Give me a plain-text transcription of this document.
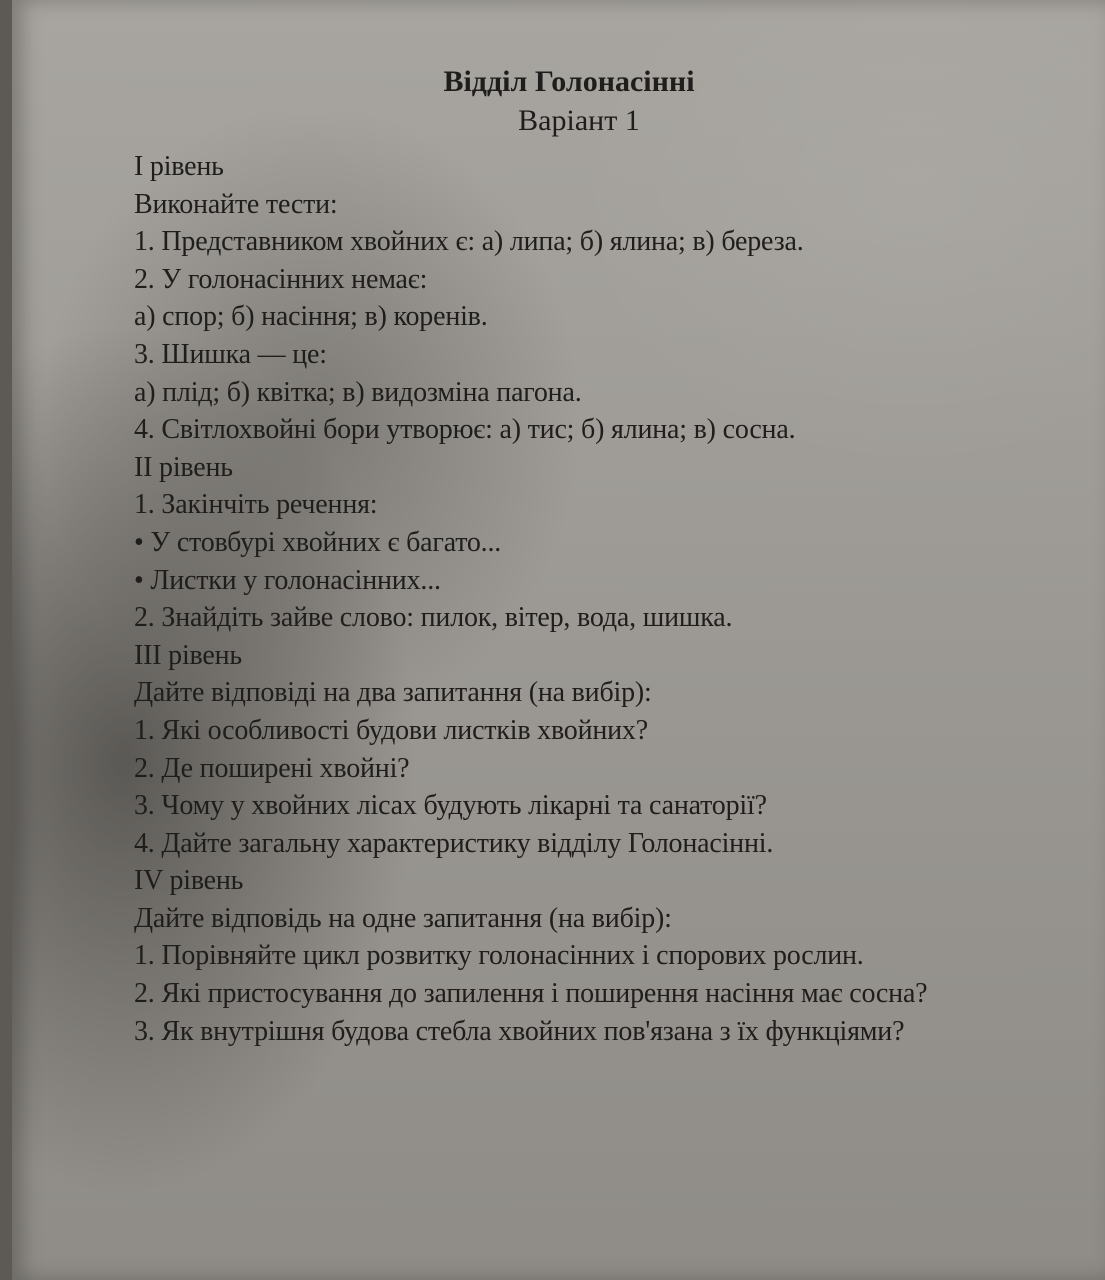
Відділ Голонасінні

Варіант 1

І рівень

Виконайте тести:

1. Представником хвойних є: а) липа; б) ялина; в) береза.

2. У голонасінних немає:

а) спор; б) насіння; в) коренів.

3. Шишка — це:

а) плід; б) квітка; в) видозміна пагона.

4. Світлохвойні бори утворює: а) тис; б) ялина; в) сосна.

ІІ рівень

1. Закінчіть речення:

• У стовбурі хвойних є багато...

• Листки у голонасінних...

2. Знайдіть зайве слово: пилок, вітер, вода, шишка.

ІІІ рівень

Дайте відповіді на два запитання (на вибір):

1. Які особливості будови листків хвойних?

2. Де поширені хвойні?

3. Чому у хвойних лісах будують лікарні та санаторії?

4. Дайте загальну характеристику відділу Голонасінні.

IV рівень

Дайте відповідь на одне запитання (на вибір):

1. Порівняйте цикл розвитку голонасінних і спорових рослин.

2. Які пристосування до запилення і поширення насіння має сосна?

3. Як внутрішня будова стебла хвойних пов'язана з їх функціями?
